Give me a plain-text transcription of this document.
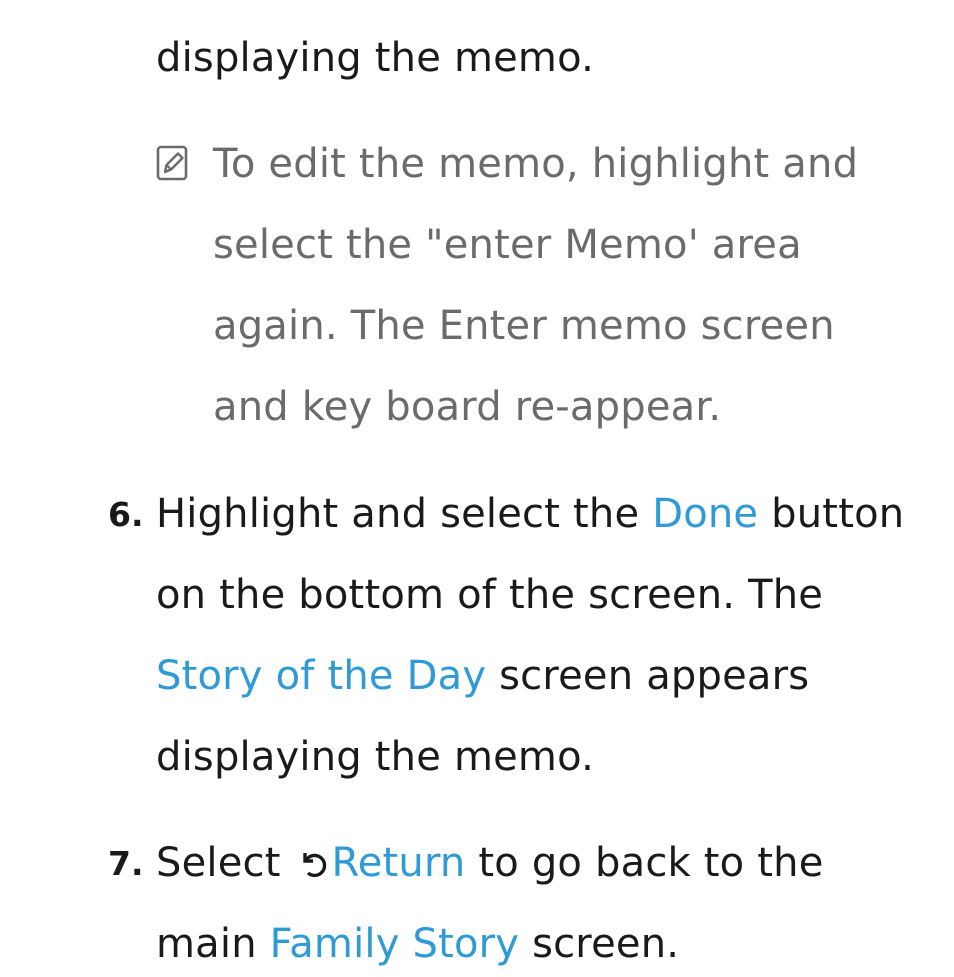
displaying the memo.
To edit the memo, highlight and
select the "enter Memo' area
again. The Enter memo screen
and key board re-appear.
6. Highlight and select the Done button
on the bottom of the screen. The
Story of the Day screen appears
displaying the memo.
7. Select Return to go back to the
main Family Story screen.
